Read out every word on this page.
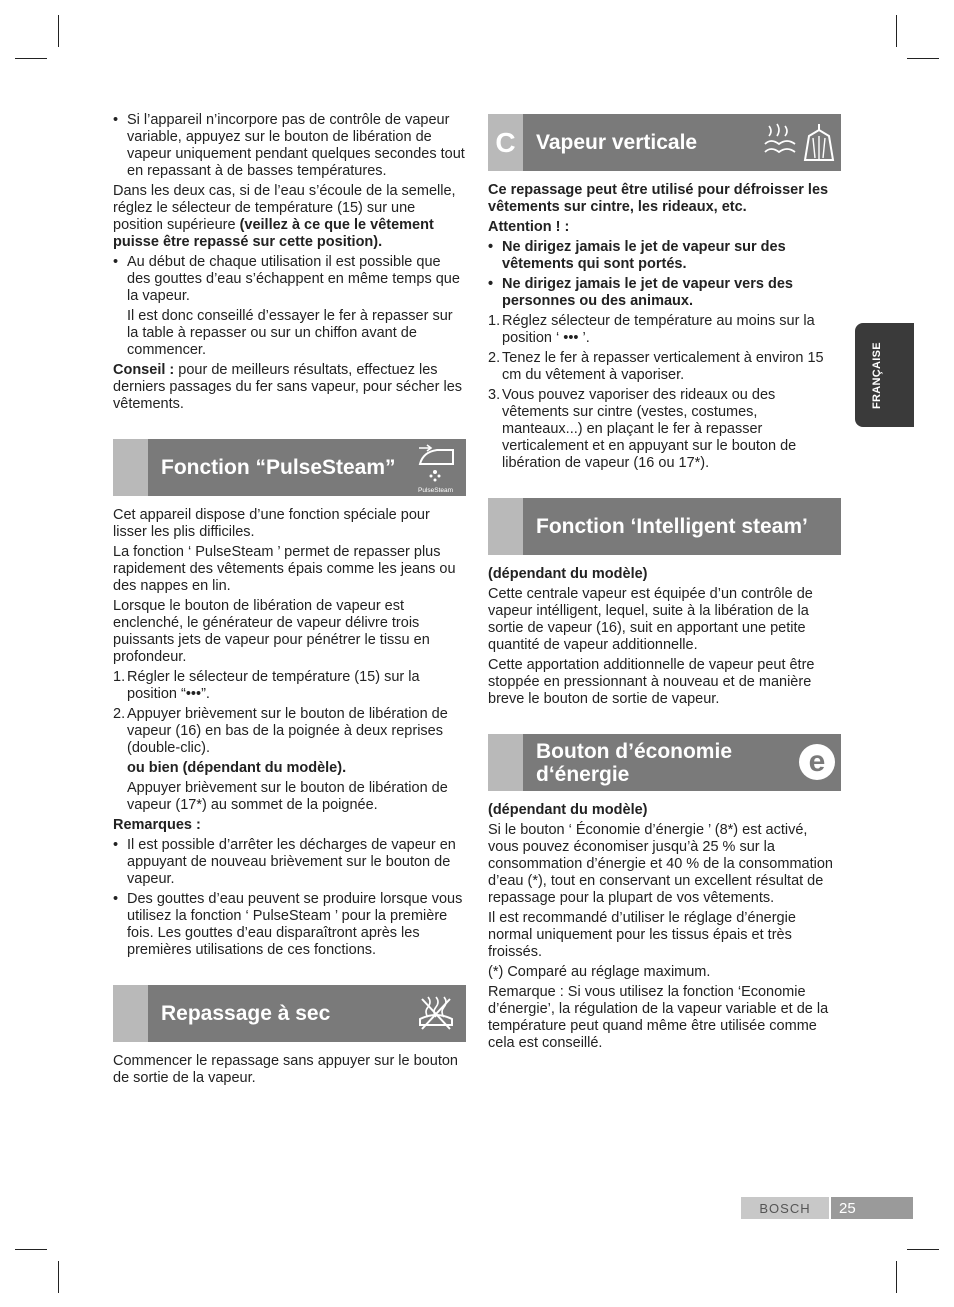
FRANÇAISE
• Si l’appareil n’incorpore pas de contrôle de vapeur variable, appuyez sur le bouton de libération de vapeur uniquement pendant quelques secondes tout en repassant à de basses températures.

Dans les deux cas, si de l’eau s’écoule de la semelle, réglez le sélecteur de température (15) sur une position supérieure (veillez à ce que le vêtement puisse être repassé sur cette position).

• Au début de chaque utilisation il est possible que des gouttes d’eau s’échappent en même temps que la vapeur.
Il est donc conseillé d’essayer le fer à repasser sur la table à repasser ou sur un chiffon avant de commencer.

Conseil : pour de meilleurs résultats, effectuez les derniers passages du fer sans vapeur, pour sécher les vêtements.

Fonction “PulseSteam”
PulseSteam

Cet appareil dispose d’une fonction spéciale pour lisser les plis difficiles.

La fonction ‘ PulseSteam ’ permet de repasser plus rapidement des vêtements épais comme les jeans ou des nappes en lin.

Lorsque le bouton de libération de vapeur est enclenché, le générateur de vapeur délivre trois puissants jets de vapeur pour pénétrer le tissu en profondeur.

1. Régler le sélecteur de température (15) sur la position “•••”.
2. Appuyer brièvement sur le bouton de libération de vapeur (16) en bas de la poignée à deux reprises (double-clic).
ou bien (dépendant du modèle).
Appuyer brièvement sur le bouton de libération de vapeur (17*) au sommet de la poignée.

Remarques :

• Il est possible d’arrêter les décharges de vapeur en appuyant de nouveau brièvement sur le bouton de vapeur.
• Des gouttes d’eau peuvent se produire lorsque vous utilisez la fonction ‘ PulseSteam ’ pour la première fois. Les gouttes d’eau disparaîtront après les premières utilisations de ces fonctions.
Repassage à sec

Commencer le repassage sans appuyer sur le bouton de sortie de la vapeur.

C Vapeur verticale

Ce repassage peut être utilisé pour défroisser les vêtements sur cintre, les rideaux, etc.

Attention ! :

• Ne dirigez jamais le jet de vapeur sur des vêtements qui sont portés.
• Ne dirigez jamais le jet de vapeur vers des personnes ou des animaux.
1. Réglez sélecteur de température au moins sur la position ‘ ••• ’.
2. Tenez le fer à repasser verticalement à environ 15 cm du vêtement à vaporiser.
3. Vous pouvez vaporiser des rideaux ou des vêtements sur cintre (vestes, costumes, manteaux...) en plaçant le fer à repasser verticalement et en appuyant sur le bouton de libération de vapeur (16 ou 17*).
Fonction ‘Intelligent steam’

(dépendant du modèle)

Cette centrale vapeur est équipée d’un contrôle de vapeur intélligent, lequel, suite à la libération de la sortie de vapeur (16), suit en apportant une petite quantité de vapeur additionnelle.

Cette apportation additionnelle de vapeur peut être stoppée en pressionnant à nouveau et de manière breve le bouton de sortie de vapeur.

Bouton d’économie d‘énergie	e

(dépendant du modèle)

Si le bouton ‘ Économie d’énergie ’ (8*) est activé, vous pouvez économiser jusqu’à 25 % sur la consommation d’énergie et 40 % de la consommation d’eau (*), tout en conservant un excellent résultat de repassage pour la plupart de vos vêtements.

Il est recommandé d’utiliser le réglage d’énergie normal uniquement pour les tissus épais et très froissés.

(*) Comparé au réglage maximum.

Remarque : Si vous utilisez la fonction ‘Economie d’énergie’, la régulation de la vapeur variable et de la température peut quand même être utilisée comme cela est conseillé.

BOSCH	25
